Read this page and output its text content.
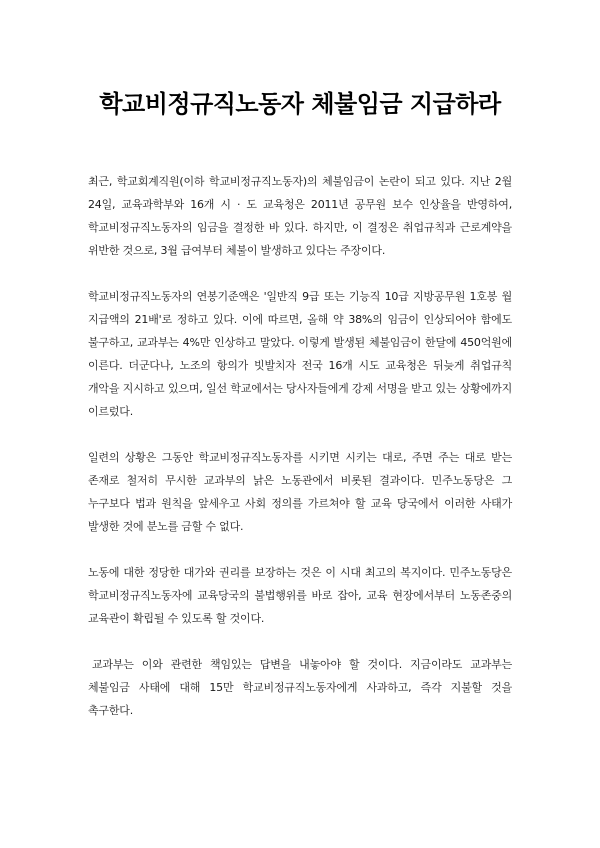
학교비정규직노동자 체불임금 지급하라

최근, 학교회계직원(이하 학교비정규직노동자)의 체불임금이 논란이 되고 있다. 지난 2월 24일, 교육과학부와 16개 시 · 도 교육청은 2011년 공무원 보수 인상율을 반영하여, 학교비정규직노동자의 임금을 결정한 바 있다. 하지만, 이 결정은 취업규칙과 근로계약을 위반한 것으로, 3월 급여부터 체불이 발생하고 있다는 주장이다.

학교비정규직노동자의 연봉기준액은 '일반직 9급 또는 기능직 10급 지방공무원 1호봉 월 지급액의 21배'로 정하고 있다. 이에 따르면, 올해 약 38%의 임금이 인상되어야 함에도 불구하고, 교과부는 4%만 인상하고 말았다. 이렇게 발생된 체불임금이 한달에 450억원에 이른다. 더군다나, 노조의 항의가 빗발치자 전국 16개 시도 교육청은 뒤늦게 취업규칙 개악을 지시하고 있으며, 일선 학교에서는 당사자들에게 강제 서명을 받고 있는 상황에까지 이르렀다.

일련의 상황은 그동안 학교비정규직노동자를 시키면 시키는 대로, 주면 주는 대로 받는 존재로 철저히 무시한 교과부의 낡은 노동관에서 비롯된 결과이다. 민주노동당은 그 누구보다 법과 원칙을 앞세우고 사회 정의를 가르쳐야 할 교육 당국에서 이러한 사태가 발생한 것에 분노를 금할 수 없다.

노동에 대한 정당한 대가와 권리를 보장하는 것은 이 시대 최고의 복지이다. 민주노동당은 학교비정규직노동자에 교육당국의 불법행위를 바로 잡아, 교육 현장에서부터 노동존중의 교육관이 확립될 수 있도록 할 것이다.

교과부는 이와 관련한 책임있는 답변을 내놓아야 할 것이다. 지금이라도 교과부는 체불임금 사태에 대해 15만 학교비정규직노동자에게 사과하고, 즉각 지불할 것을 촉구한다.
